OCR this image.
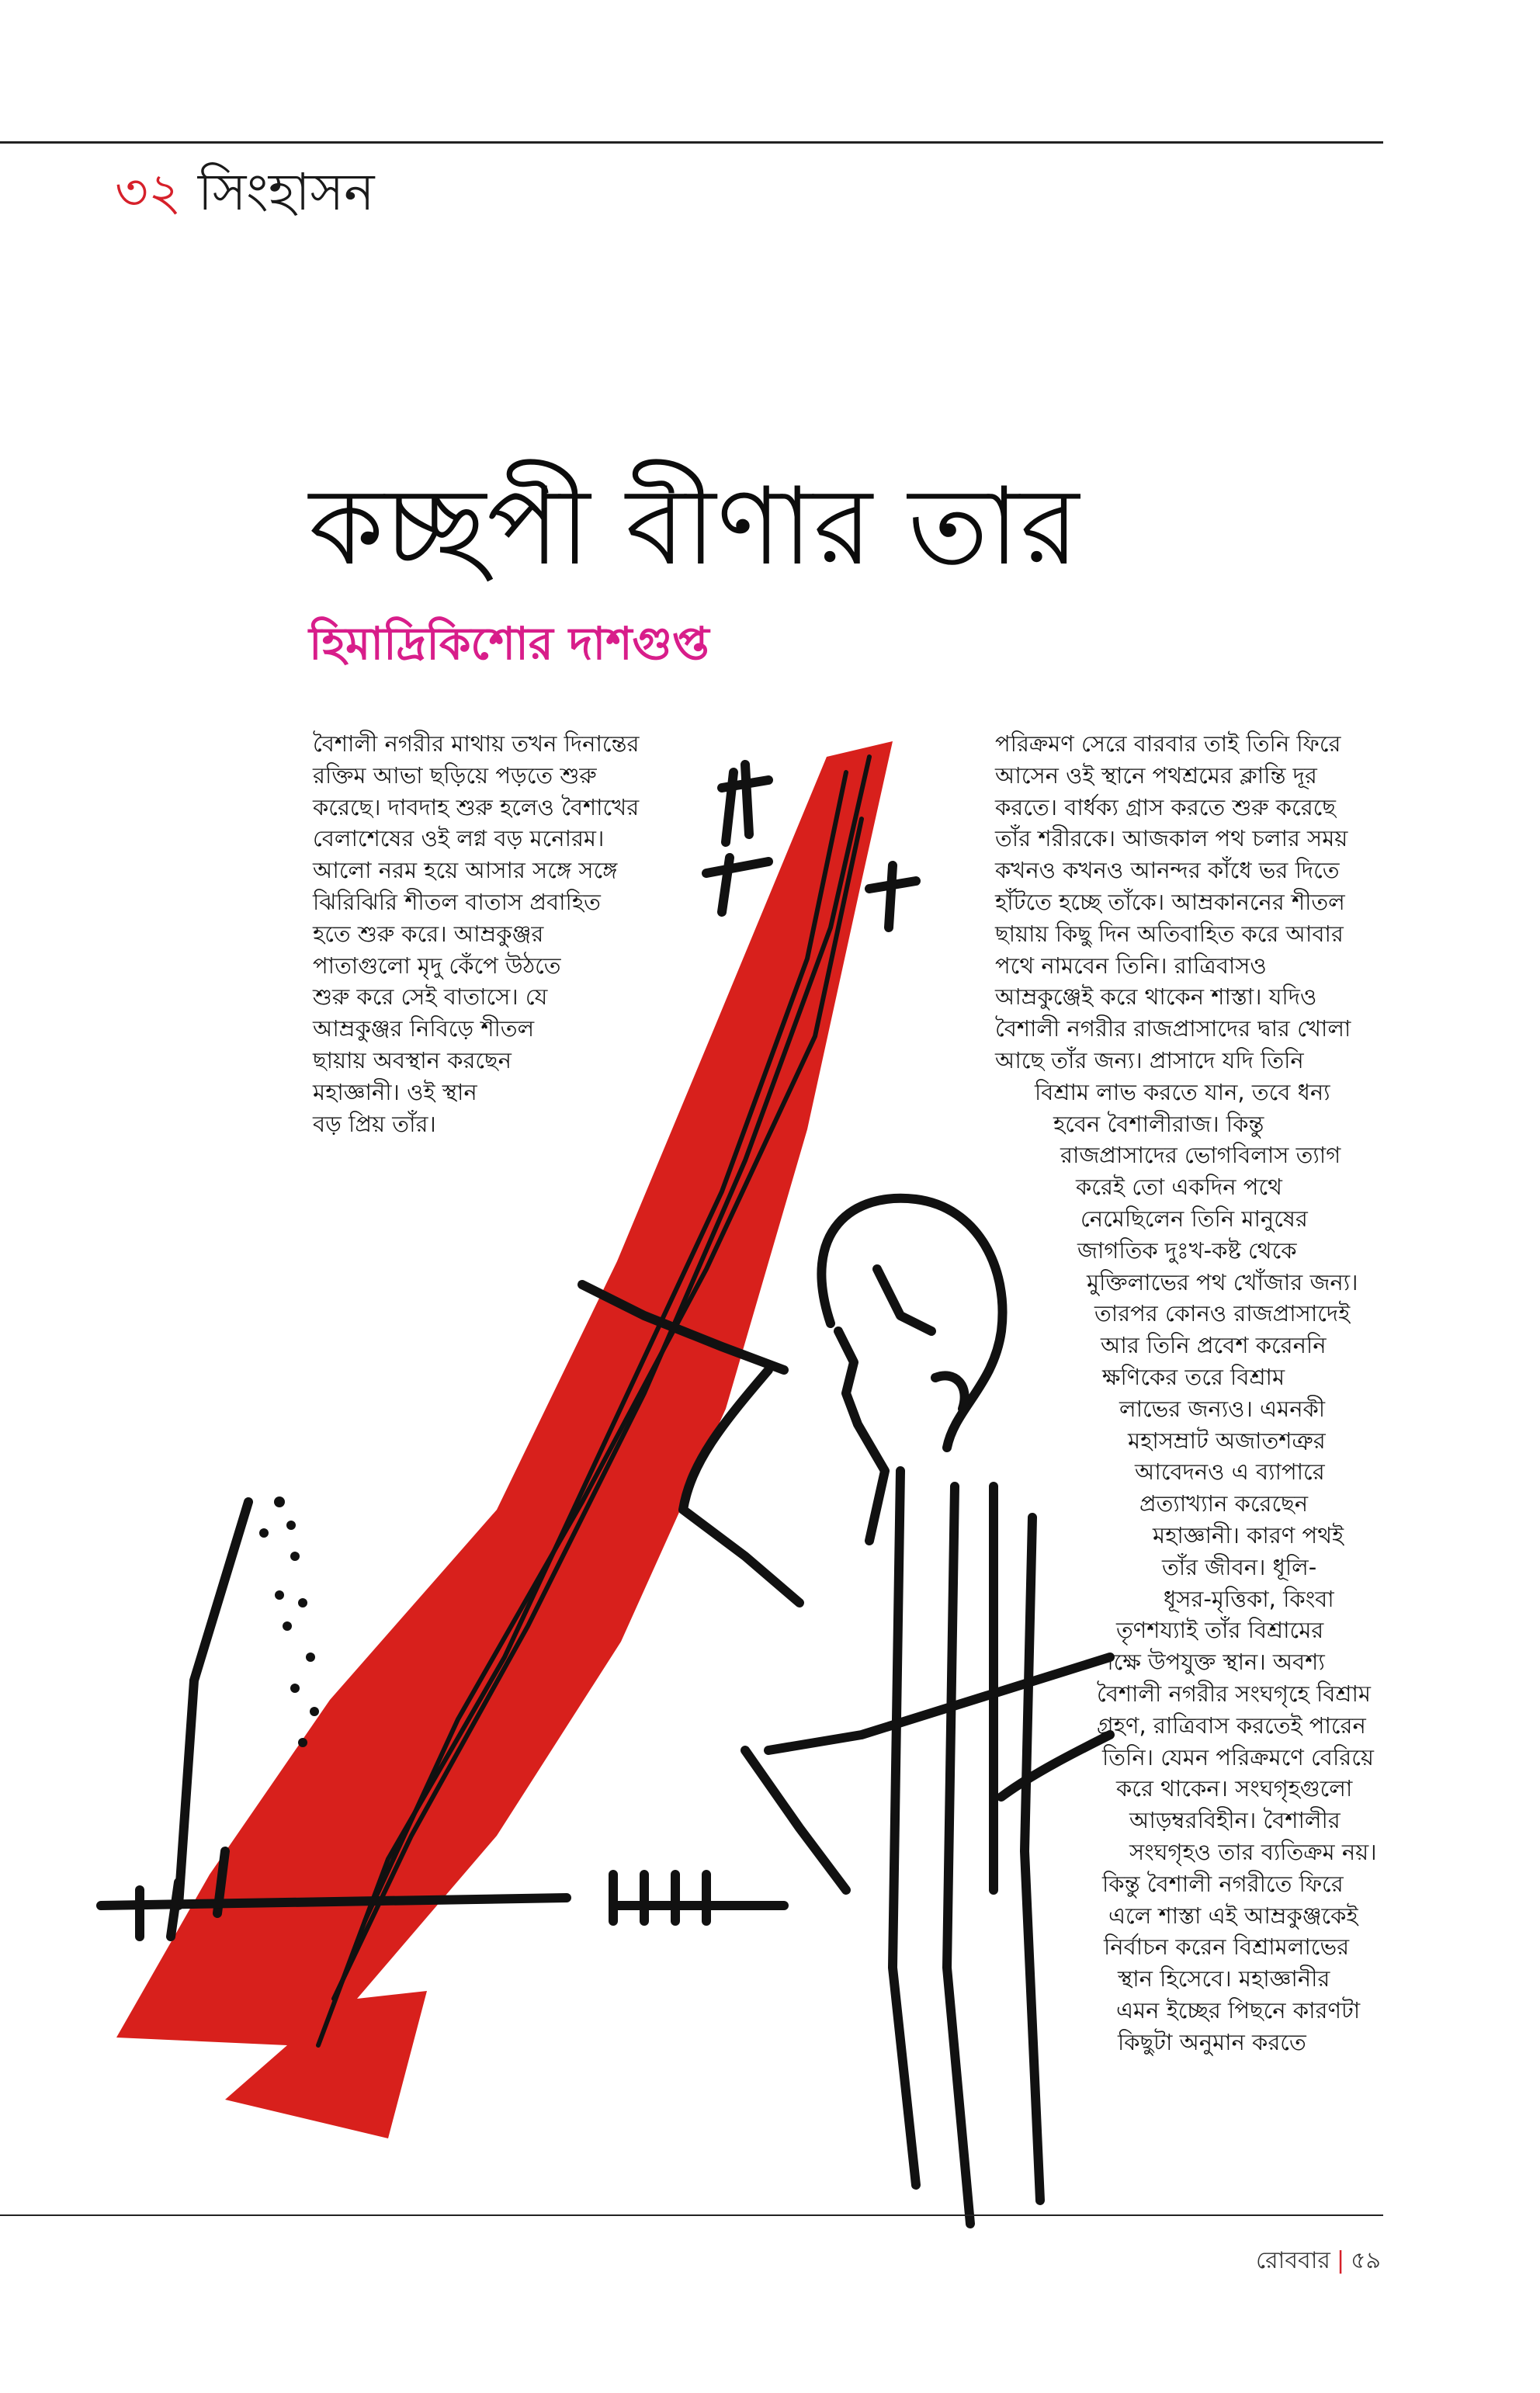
৩২ সিংহাসন
কচ্ছপী বীণার তার
হিমাদ্রিকিশোর দাশগুপ্ত
বৈশালী নগরীর মাথায় তখন দিনান্তের
রক্তিম আভা ছড়িয়ে পড়তে শুরু
করেছে। দাবদাহ শুরু হলেও বৈশাখের
বেলাশেষের ওই লগ্ন বড় মনোরম।
আলো নরম হয়ে আসার সঙ্গে সঙ্গে
ঝিরিঝিরি শীতল বাতাস প্রবাহিত
হতে শুরু করে। আম্রকুঞ্জর
পাতাগুলো মৃদু কেঁপে উঠতে
শুরু করে সেই বাতাসে। যে
আম্রকুঞ্জর নিবিড়ে শীতল
ছায়ায় অবস্থান করছেন
মহাজ্ঞানী। ওই স্থান
বড় প্রিয় তাঁর।
পরিক্রমণ সেরে বারবার তাই তিনি ফিরে
আসেন ওই স্থানে পথশ্রমের ক্লান্তি দূর
করতে। বার্ধক্য গ্রাস করতে শুরু করেছে
তাঁর শরীরকে। আজকাল পথ চলার সময়
কখনও কখনও আনন্দর কাঁধে ভর দিতে
হাঁটতে হচ্ছে তাঁকে। আম্রকাননের শীতল
ছায়ায় কিছু দিন অতিবাহিত করে আবার
পথে নামবেন তিনি। রাত্রিবাসও
আম্রকুঞ্জেই করে থাকেন শাস্তা। যদিও
বৈশালী নগরীর রাজপ্রাসাদের দ্বার খোলা
আছে তাঁর জন্য। প্রাসাদে যদি তিনি
বিশ্রাম লাভ করতে যান, তবে ধন্য
হবেন বৈশালীরাজ। কিন্তু
রাজপ্রাসাদের ভোগবিলাস ত্যাগ
করেই তো একদিন পথে
নেমেছিলেন তিনি মানুষের
জাগতিক দুঃখ-কষ্ট থেকে
মুক্তিলাভের পথ খোঁজার জন্য।
তারপর কোনও রাজপ্রাসাদেই
আর তিনি প্রবেশ করেননি
ক্ষণিকের তরে বিশ্রাম
লাভের জন্যও। এমনকী
মহাসম্রাট অজাতশত্রুর
আবেদনও এ ব্যাপারে
প্রত্যাখ্যান করেছেন
মহাজ্ঞানী। কারণ পথই
তাঁর জীবন। ধূলি-
ধূসর-মৃত্তিকা, কিংবা
তৃণশয্যাই তাঁর বিশ্রামের
পক্ষে উপযুক্ত স্থান। অবশ্য
বৈশালী নগরীর সংঘগৃহে বিশ্রাম
গ্রহণ, রাত্রিবাস করতেই পারেন
তিনি। যেমন পরিক্রমণে বেরিয়ে
করে থাকেন। সংঘগৃহগুলো
আড়ম্বরবিহীন। বৈশালীর
সংঘগৃহও তার ব্যতিক্রম নয়।
কিন্তু বৈশালী নগরীতে ফিরে
এলে শাস্তা এই আম্রকুঞ্জকেই
নির্বাচন করেন বিশ্রামলাভের
স্থান হিসেবে। মহাজ্ঞানীর
এমন ইচ্ছের পিছনে কারণটা
কিছুটা অনুমান করতে
রোববার | ৫৯
